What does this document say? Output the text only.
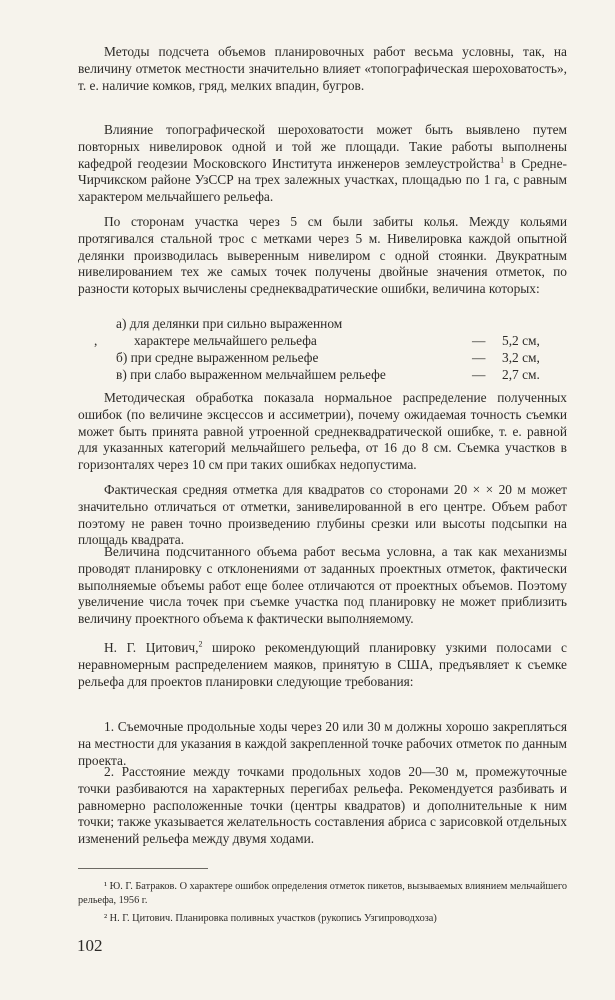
Методы подсчета объемов планировочных работ весьма условны, так, на величину отметок местности значительно влияет «топографическая шероховатость», т. е. наличие комков, гряд, мелких впадин, бугров.

Влияние топографической шероховатости может быть выявлено путем повторных нивелировок одной и той же площади. Такие работы выполнены кафедрой геодезии Московского Института инженеров землеустройства$^1$ в Средне-Чирчикском районе УзССР на трех залежных участках, площадью по 1 га, с равным характером мельчайшего рельефа.

По сторонам участка через 5 см были забиты колья. Между кольями протягивался стальной трос с метками через 5 м. Нивелировка каждой опытной делянки производилась выверенным нивелиром с одной стоянки. Двукратным нивелированием тех же самых точек получены двойные значения отметок, по разности которых вычислены среднеквадратические ошибки, величина которых:

а) для делянки при сильно выраженном
,	характере мельчайшего рельефа	— 5,2 см,
б) при средне выраженном рельефе	— 3,2 см,
в) при слабо выраженном мельчайшем рельефе	— 2,7 см.

Методическая обработка показала нормальное распределение полученных ошибок (по величине эксцессов и ассиметрии), почему ожидаемая точность съемки может быть принята равной утроенной среднеквадратической ошибке, т. е. равной для указанных категорий мельчайшего рельефа, от 16 до 8 см. Съемка участков в горизонталях через 10 см при таких ошибках недопустима.

Фактическая средняя отметка для квадратов со сторонами 20 × × 20 м может значительно отличаться от отметки, занивелированной в его центре. Объем работ поэтому не равен точно произведению глубины срезки или высоты подсыпки на площадь квадрата.

Величина подсчитанного объема работ весьма условна, а так как механизмы проводят планировку с отклонениями от заданных проектных отметок, фактически выполняемые объемы работ еще более отличаются от проектных объемов. Поэтому увеличение числа точек при съемке участка под планировку не может приблизить величину проектного объема к фактически выполняемому.

Н. Г. Цитович,$^2$ широко рекомендующий планировку узкими полосами с неравномерным распределением маяков, принятую в США, предъявляет к съемке рельефа для проектов планировки следующие требования:

1. Съемочные продольные ходы через 20 или 30 м должны хорошо закрепляться на местности для указания в каждой закрепленной точке рабочих отметок по данным проекта.

2. Расстояние между точками продольных ходов 20—30 м, промежуточные точки разбиваются на характерных перегибах рельефа. Рекомендуется разбивать и равномерно расположенные точки (центры квадратов) и дополнительные к ним точки; также указывается желательность составления абриса с зарисовкой отдельных изменений рельефа между двумя ходами.

¹ Ю. Г. Батраков. О характере ошибок определения отметок пикетов, вызываемых влиянием мельчайшего рельефа, 1956 г.
² Н. Г. Цитович. Планировка поливных участков (рукопись Узгипроводхоза)
102
